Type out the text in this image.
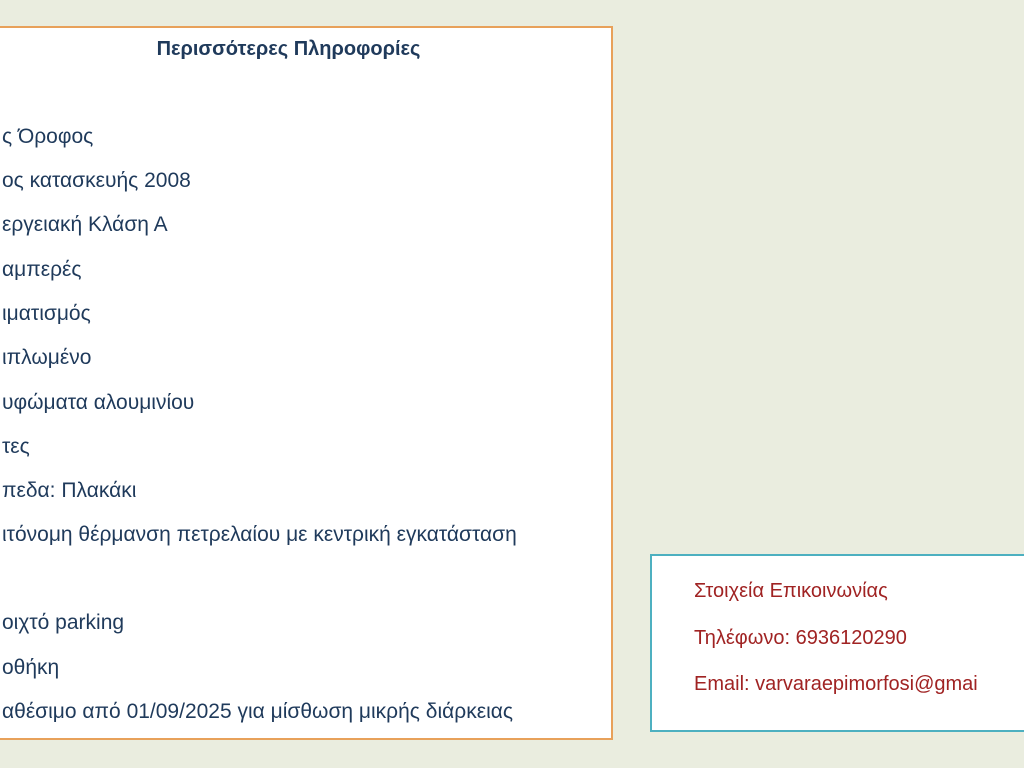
Περισσότερες Πληροφορίες
ς Όροφος
ος κατασκευής 2008
εργειακή Κλάση Α
αμπερές
ιματισμός
ιπλωμένο
υφώματα αλουμινίου
τες
πεδα: Πλακάκι
ιτόνομη θέρμανση πετρελαίου με κεντρική εγκατάσταση
οιχτό parking
οθήκη
αθέσιμο από 01/09/2025 για μίσθωση μικρής διάρκειας

Στοιχεία Επικοινωνίας

Τηλέφωνο: 6936120290

Email: varvaraepimorfosi@gmai
